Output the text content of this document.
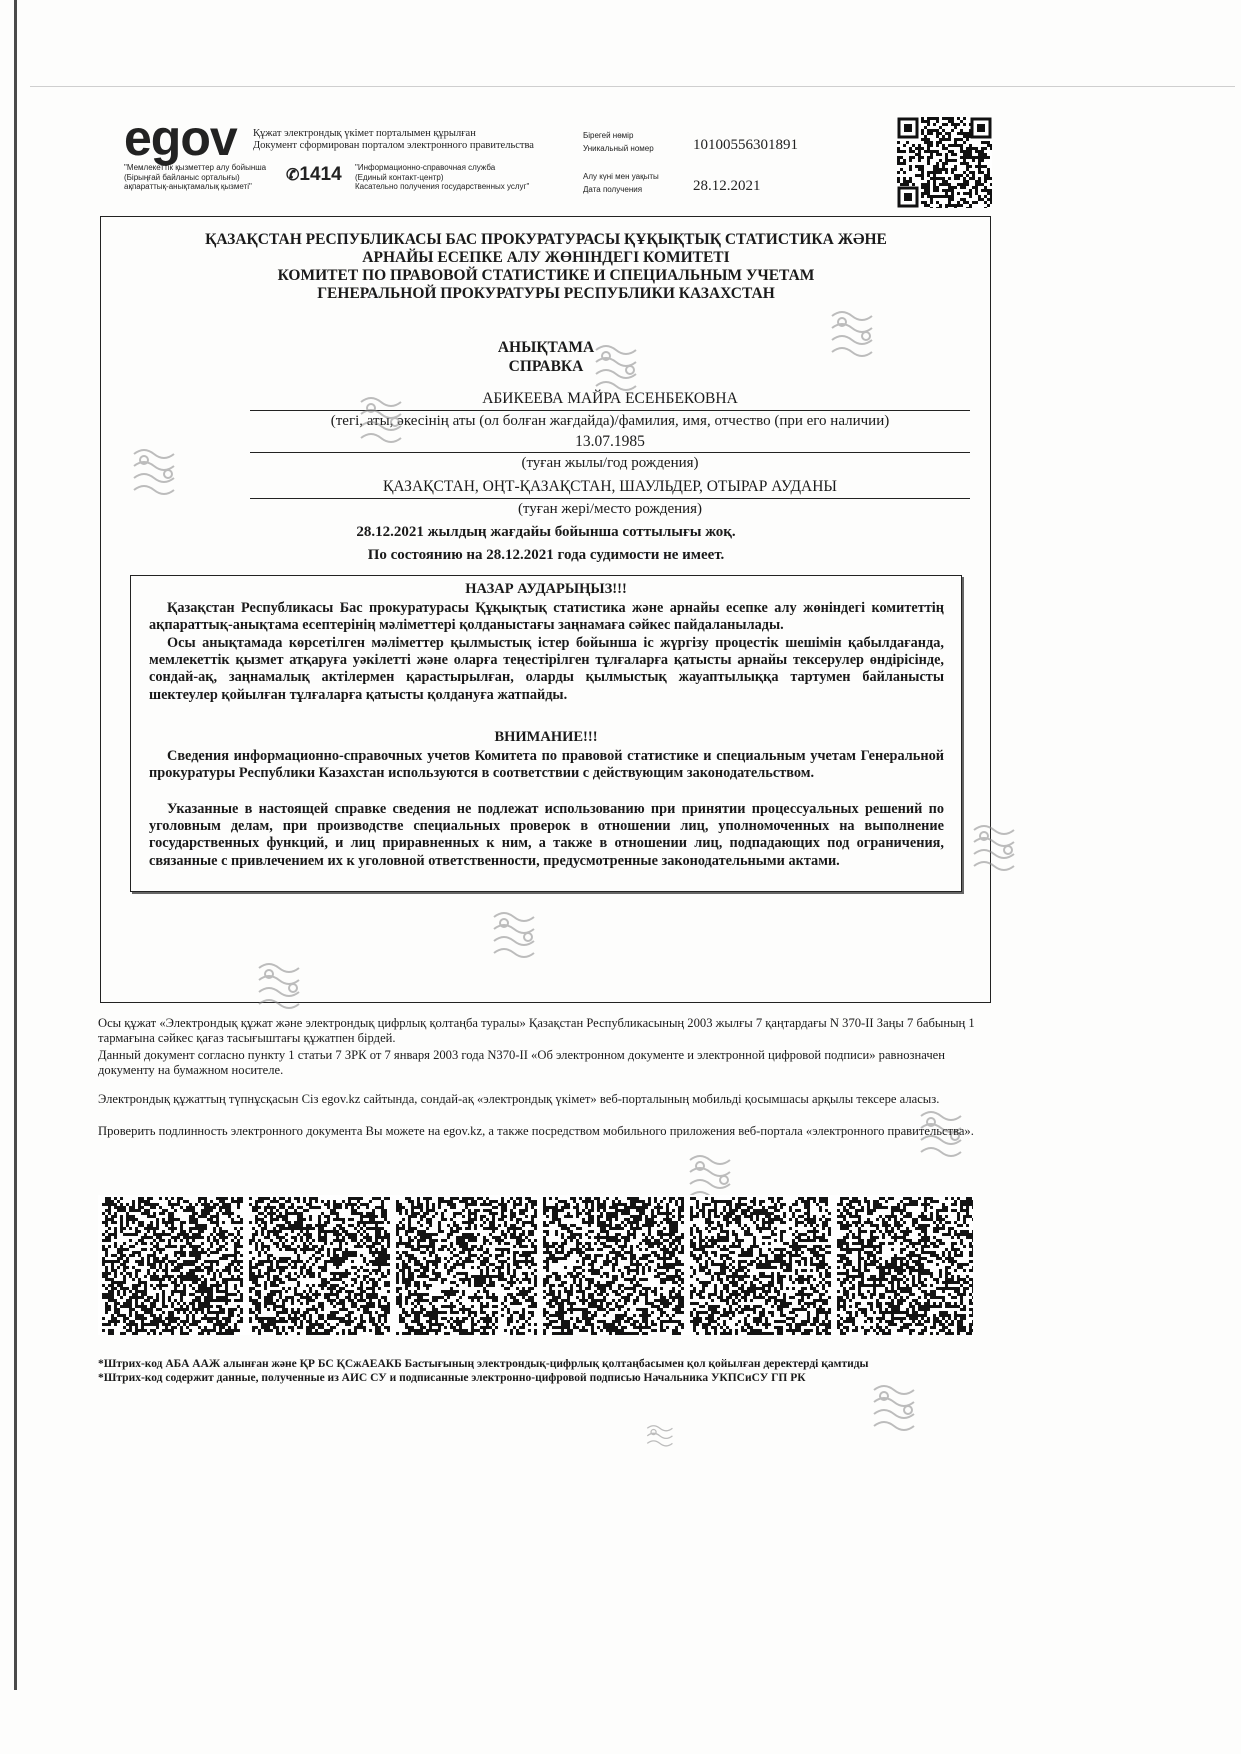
egov Құжат электрондық үкімет порталымен құрылған
Документ сформирован порталом электронного правительства
"Мемлекеттік қызметтер алу бойынша
(Бірыңғай байланыс орталығы)
ақпараттық-анықтамалық қызметі"
✆1414 "Информационно-справочная служба
(Единый контакт-центр)
Касательно получения государственных услуг"
Бірегей нөмір
Уникальный номер	10100556301891
Алу күні мен уақыты
Дата получения	28.12.2021
ҚАЗАҚСТАН РЕСПУБЛИКАСЫ БАС ПРОКУРАТУРАСЫ ҚҰҚЫҚТЫҚ СТАТИСТИКА ЖӘНЕ
АРНАЙЫ ЕСЕПКЕ АЛУ ЖӨНІНДЕГІ КОМИТЕТІ
КОМИТЕТ ПО ПРАВОВОЙ СТАТИСТИКЕ И СПЕЦИАЛЬНЫМ УЧЕТАМ
ГЕНЕРАЛЬНОЙ ПРОКУРАТУРЫ РЕСПУБЛИКИ КАЗАХСТАН
АНЫҚТАМА
СПРАВКА
АБИКЕЕВА МАЙРА ЕСЕНБЕКОВНА
(тегі, аты, әкесінің аты (ол болған жағдайда)/фамилия, имя, отчество (при его наличии)
13.07.1985
(туған жылы/год рождения)
ҚАЗАҚСТАН, ОҢТ-ҚАЗАҚСТАН, ШАУЛЬДЕР, ОТЫРАР АУДАНЫ
(туған жері/место рождения)
28.12.2021 жылдың жағдайы бойынша соттылығы жоқ.
По состоянию на 28.12.2021 года судимости не имеет.
НАЗАР АУДАРЫҢЫЗ!!!
Қазақстан Республикасы Бас прокуратурасы Құқықтық статистика және арнайы есепке алу жөніндегі комитеттің ақпараттық-анықтама есептерінің мәліметтері қолданыстағы заңнамаға сәйкес пайдаланылады.
Осы анықтамада көрсетілген мәліметтер қылмыстық істер бойынша іс жүргізу процестік шешімін қабылдағанда, мемлекеттік қызмет атқаруға уәкілетті және оларға теңестірілген тұлғаларға қатысты арнайы тексерулер өндірісінде, сондай-ақ, заңнамалық актілермен қарастырылған, оларды қылмыстық жауаптылыққа тартумен байланысты шектеулер қойылған тұлғаларға қатысты қолдануға жатпайды.
ВНИМАНИЕ!!!
Сведения информационно-справочных учетов Комитета по правовой статистике и специальным учетам Генеральной прокуратуры Республики Казахстан используются в соответствии с действующим законодательством.
Указанные в настоящей справке сведения не подлежат использованию при принятии процессуальных решений по уголовным делам, при производстве специальных проверок в отношении лиц, уполномоченных на выполнение государственных функций, и лиц приравненных к ним, а также в отношении лиц, подпадающих под ограничения, связанные с привлечением их к уголовной ответственности, предусмотренные законодательными актами.
Осы құжат «Электрондық құжат және электрондық цифрлық қолтаңба туралы» Қазақстан Республикасының 2003 жылғы 7 қаңтардағы N 370-II Заңы 7 бабының 1 тармағына сәйкес қағаз тасығыштағы құжатпен бірдей.
Данный документ согласно пункту 1 статьи 7 ЗРК от 7 января 2003 года N370-II «Об электронном документе и электронной цифровой подписи» равнозначен документу на бумажном носителе.
Электрондық құжаттың түпнұсқасын Сіз egov.kz сайтында, сондай-ақ «электрондық үкімет» веб-порталының мобильді қосымшасы арқылы тексере аласыз.
Проверить подлинность электронного документа Вы можете на egov.kz, а также посредством мобильного приложения веб-портала «электронного правительства».
*Штрих-код АБА ААЖ алынған және ҚР БС ҚСжАЕАКБ Бастығының электрондық-цифрлық қолтаңбасымен қол қойылған деректерді қамтиды
*Штрих-код содержит данные, полученные из АИС СУ и подписанные электронно-цифровой подписью Начальника УКПСиСУ ГП РК
